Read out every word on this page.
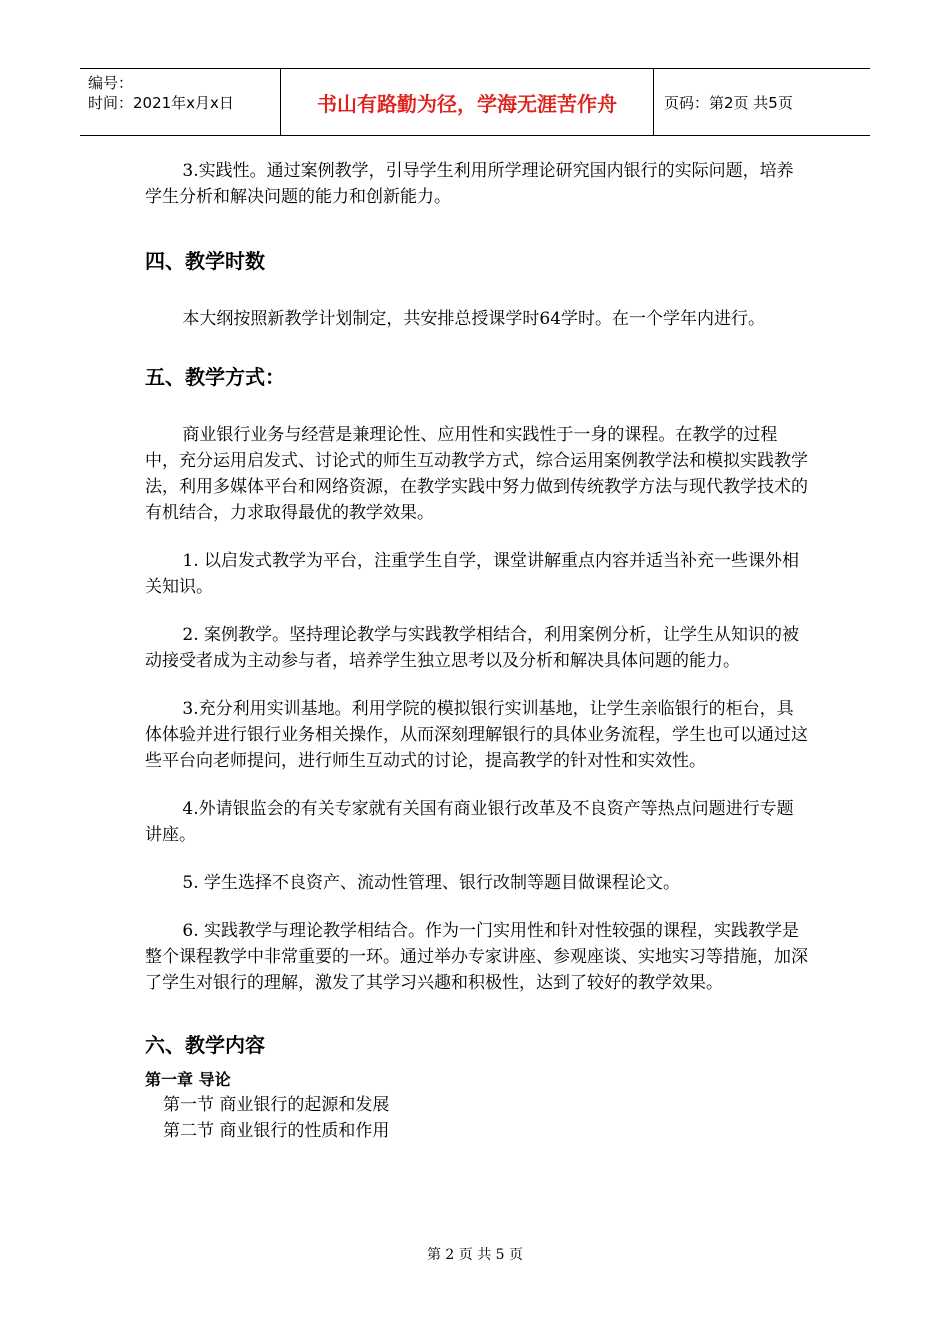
编号：
时间：2021年x月x日	书山有路勤为径，学海无涯苦作舟	页码：第2页 共5页

3.实践性。通过案例教学，引导学生利用所学理论研究国内银行的实际问题，培养学生分析和解决问题的能力和创新能力。

四、教学时数

本大纲按照新教学计划制定，共安排总授课学时64学时。在一个学年内进行。

五、教学方式：

商业银行业务与经营是兼理论性、应用性和实践性于一身的课程。在教学的过程中，充分运用启发式、讨论式的师生互动教学方式，综合运用案例教学法和模拟实践教学法，利用多媒体平台和网络资源，在教学实践中努力做到传统教学方法与现代教学技术的有机结合，力求取得最优的教学效果。

1. 以启发式教学为平台，注重学生自学，课堂讲解重点内容并适当补充一些课外相关知识。

2. 案例教学。坚持理论教学与实践教学相结合，利用案例分析，让学生从知识的被动接受者成为主动参与者，培养学生独立思考以及分析和解决具体问题的能力。

3.充分利用实训基地。利用学院的模拟银行实训基地，让学生亲临银行的柜台，具体体验并进行银行业务相关操作，从而深刻理解银行的具体业务流程，学生也可以通过这些平台向老师提问，进行师生互动式的讨论，提高教学的针对性和实效性。

4.外请银监会的有关专家就有关国有商业银行改革及不良资产等热点问题进行专题讲座。

5. 学生选择不良资产、流动性管理、银行改制等题目做课程论文。

6. 实践教学与理论教学相结合。作为一门实用性和针对性较强的课程，实践教学是整个课程教学中非常重要的一环。通过举办专家讲座、参观座谈、实地实习等措施，加深了学生对银行的理解，激发了其学习兴趣和积极性，达到了较好的教学效果。

六、教学内容

第一章 导论

第一节 商业银行的起源和发展

第二节 商业银行的性质和作用

第 2 页 共 5 页
